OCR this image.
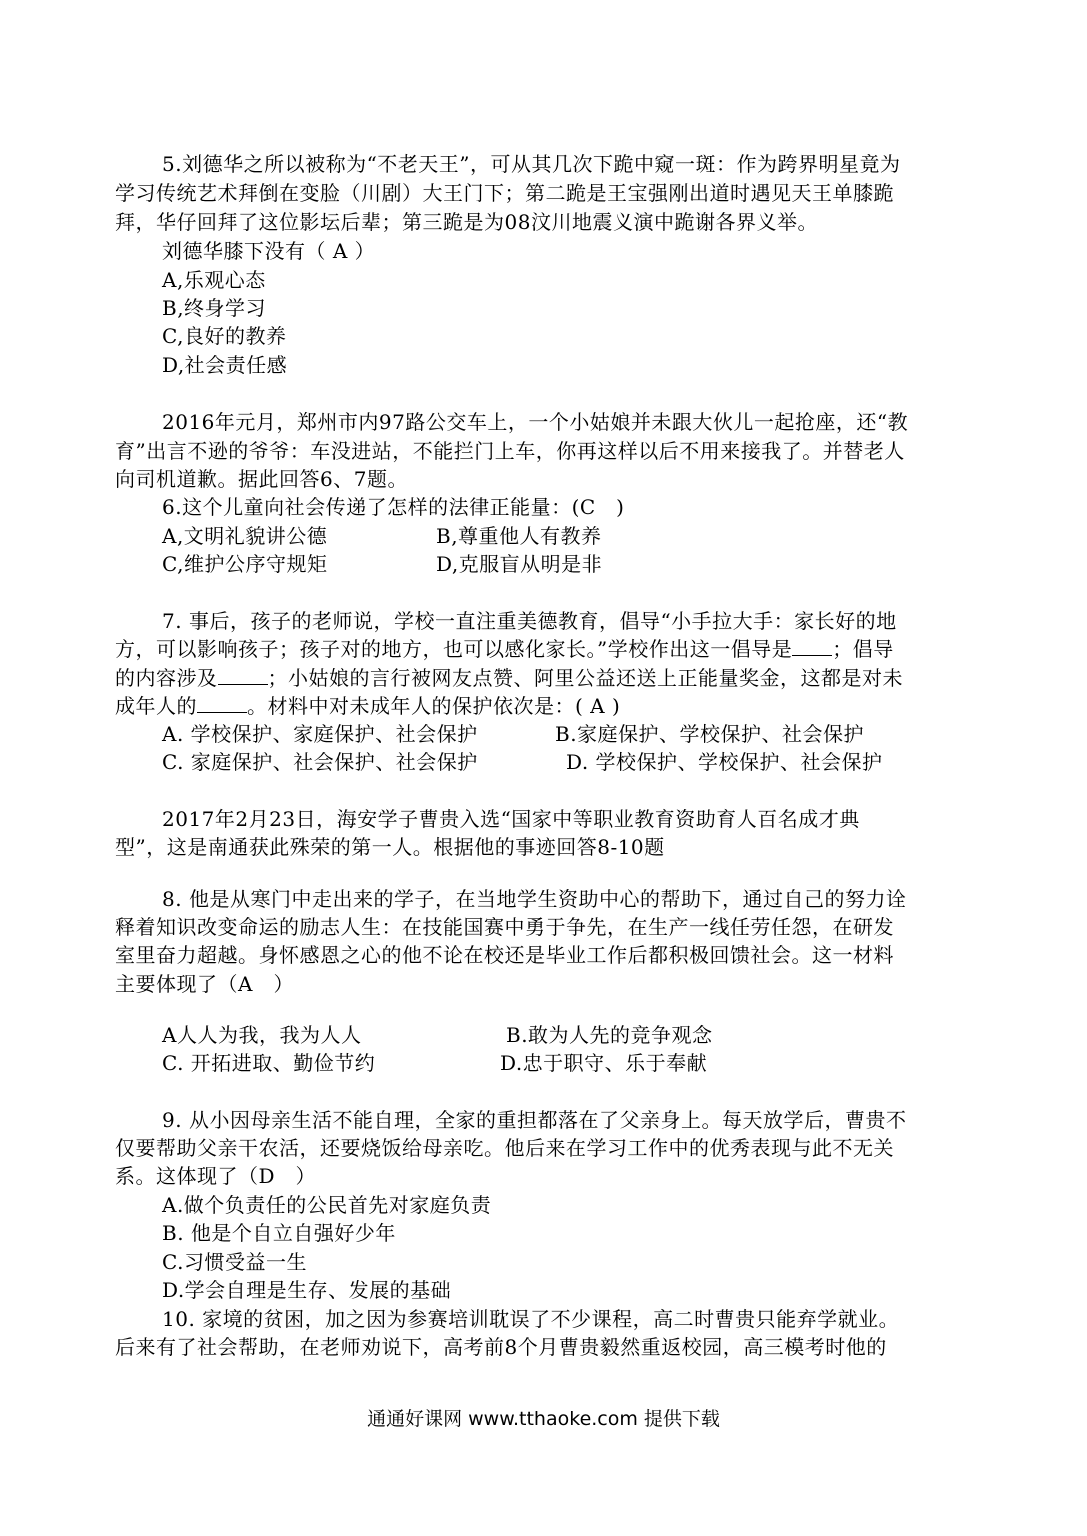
5.刘德华之所以被称为“不老天王”，可从其几次下跪中窥一斑：作为跨界明星竟为
学习传统艺术拜倒在变脸（川剧）大王门下；第二跪是王宝强刚出道时遇见天王单膝跪
拜，华仔回拜了这位影坛后辈；第三跪是为08汶川地震义演中跪谢各界义举。
刘德华膝下没有（ A ）
A,乐观心态
B,终身学习
C,良好的教养
D,社会责任感
2016年元月，郑州市内97路公交车上，一个小姑娘并未跟大伙儿一起抢座，还“教
育”出言不逊的爷爷：车没进站，不能拦门上车，你再这样以后不用来接我了。并替老人
向司机道歉。据此回答6、7题。
6.这个儿童向社会传递了怎样的法律正能量：(C　)
A,文明礼貌讲公德	B,尊重他人有教养
C,维护公序守规矩	D,克服盲从明是非
7. 事后，孩子的老师说，学校一直注重美德教育，倡导“小手拉大手：家长好的地
方，可以影响孩子；孩子对的地方，也可以感化家长。”学校作出这一倡导是 ；倡导
的内容涉及	；小姑娘的言行被网友点赞、阿里公益还送上正能量奖金，这都是对未
成年人的	。材料中对未成年人的保护依次是：( A )
A. 学校保护、家庭保护、社会保护	B.家庭保护、学校保护、社会保护
C. 家庭保护、社会保护、社会保护	D. 学校保护、学校保护、社会保护
2017年2月23日，海安学子曹贵入选“国家中等职业教育资助育人百名成才典
型”，这是南通获此殊荣的第一人。根据他的事迹回答8-10题
8. 他是从寒门中走出来的学子，在当地学生资助中心的帮助下，通过自己的努力诠
释着知识改变命运的励志人生：在技能国赛中勇于争先，在生产一线任劳任怨，在研发
室里奋力超越。身怀感恩之心的他不论在校还是毕业工作后都积极回馈社会。这一材料
主要体现了（A　）
A人人为我，我为人人	B.敢为人先的竞争观念
C. 开拓进取、勤俭节约	D.忠于职守、乐于奉献
9. 从小因母亲生活不能自理，全家的重担都落在了父亲身上。每天放学后，曹贵不
仅要帮助父亲干农活，还要烧饭给母亲吃。他后来在学习工作中的优秀表现与此不无关
系。这体现了（D　）
A.做个负责任的公民首先对家庭负责
B. 他是个自立自强好少年
C.习惯受益一生
D.学会自理是生存、发展的基础
10. 家境的贫困，加之因为参赛培训耽误了不少课程，高二时曹贵只能弃学就业。
后来有了社会帮助，在老师劝说下，高考前8个月曹贵毅然重返校园，高三模考时他的
通通好课网 www.tthaoke.com 提供下载
